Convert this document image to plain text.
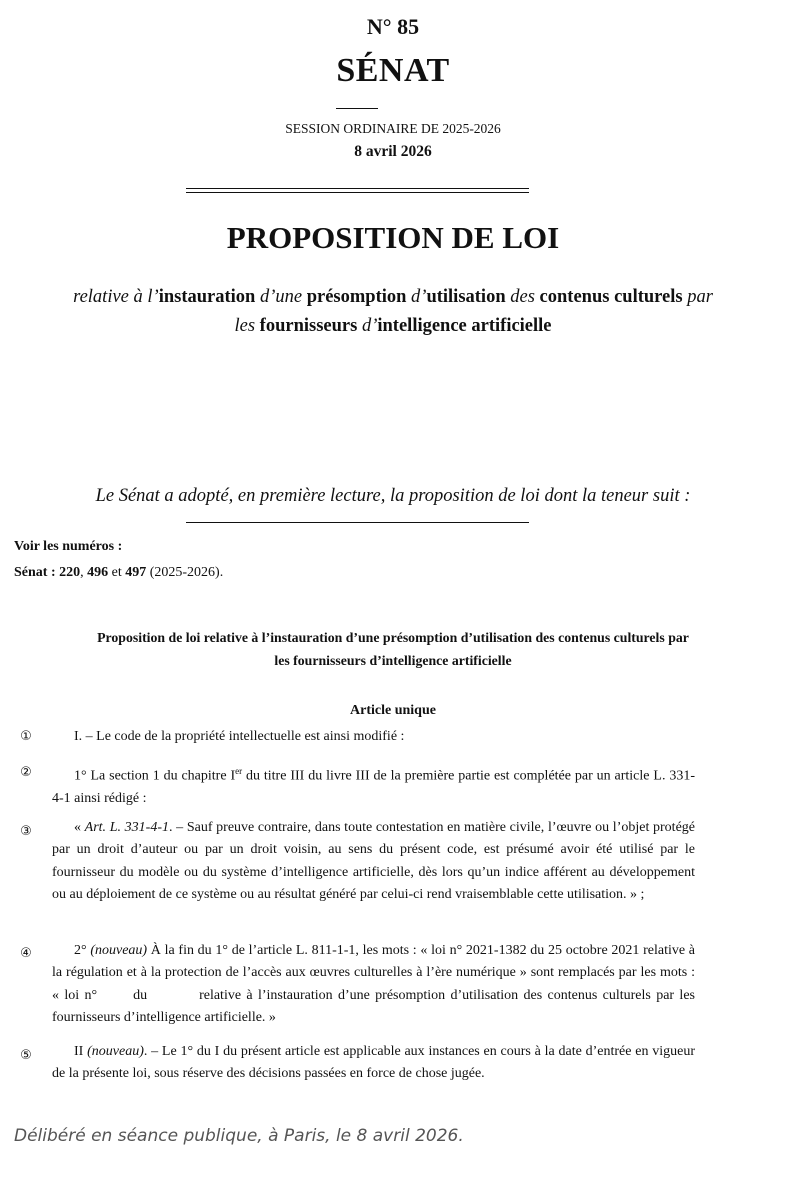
N° 85
SÉNAT
SESSION ORDINAIRE DE 2025-2026
8 avril 2026
PROPOSITION DE LOI
relative à l’instauration d’une présomption d’utilisation des contenus culturels par
les fournisseurs d’intelligence artificielle
Le Sénat a adopté, en première lecture, la proposition de loi dont la teneur suit :
Voir les numéros :
Sénat : 220, 496 et 497 (2025-2026).
Proposition de loi relative à l’instauration d’une présomption d’utilisation des contenus culturels par
les fournisseurs d’intelligence artificielle
Article unique
①	I. – Le code de la propriété intellectuelle est ainsi modifié :
②	1° La section 1 du chapitre Ier du titre III du livre III de la première partie est complétée par un article L. 331-4-1 ainsi rédigé :
③	« Art. L. 331-4-1. – Sauf preuve contraire, dans toute contestation en matière civile, l’œuvre ou l’objet protégé par un droit d’auteur ou par un droit voisin, au sens du présent code, est présumé avoir été utilisé par le fournisseur du modèle ou du système d’intelligence artificielle, dès lors qu’un indice afférent au développement ou au déploiement de ce système ou au résultat généré par celui-ci rend vraisemblable cette utilisation. » ;
④	2° (nouveau) À la fin du 1° de l’article L. 811-1-1, les mots : « loi n° 2021-1382 du 25 octobre 2021 relative à la régulation et à la protection de l’accès aux œuvres culturelles à l’ère numérique » sont remplacés par les mots : « loi n°	du	relative à l’instauration d’une présomption d’utilisation des contenus culturels par les fournisseurs d’intelligence artificielle. »
⑤	II (nouveau). – Le 1° du I du présent article est applicable aux instances en cours à la date d’entrée en vigueur de la présente loi, sous réserve des décisions passées en force de chose jugée.
Délibéré en séance publique, à Paris, le 8 avril 2026.
